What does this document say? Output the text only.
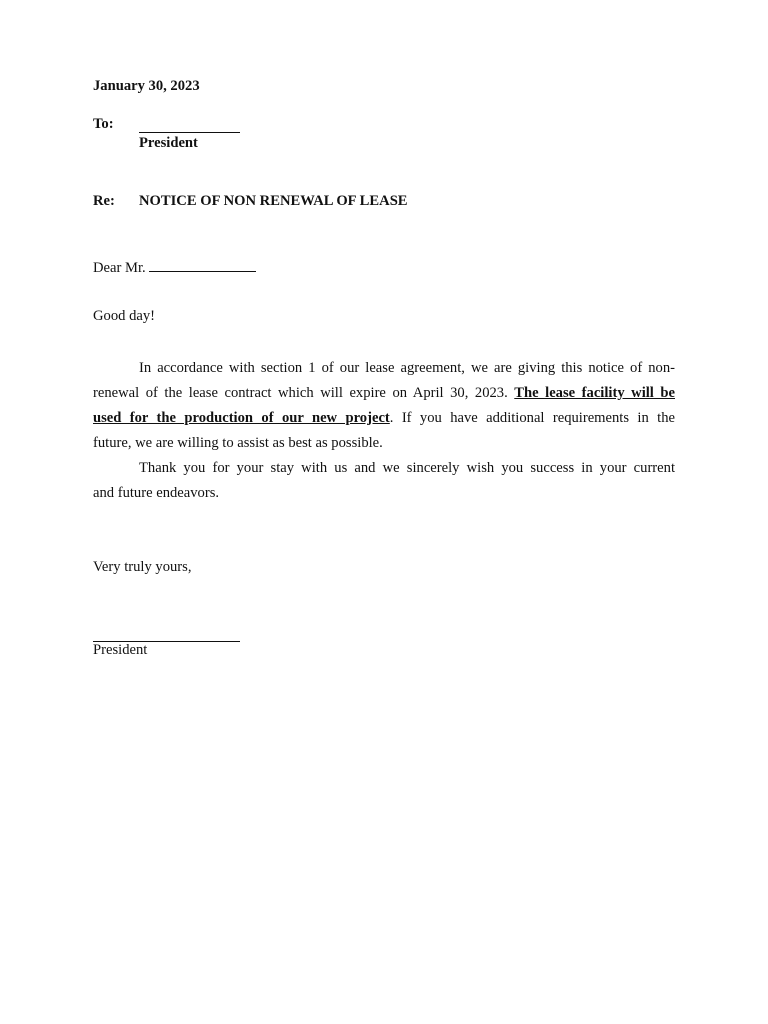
January 30, 2023
To:
President
Re: NOTICE OF NON RENEWAL OF LEASE
Dear Mr.
Good day!
In accordance with section 1 of our lease agreement, we are giving this notice of non-
renewal of the lease contract which will expire on April 30, 2023. The lease facility will be
used for the production of our new project. If you have additional requirements in the
future, we are willing to assist as best as possible.
Thank you for your stay with us and we sincerely wish you success in your current
and future endeavors.
Very truly yours,
President
